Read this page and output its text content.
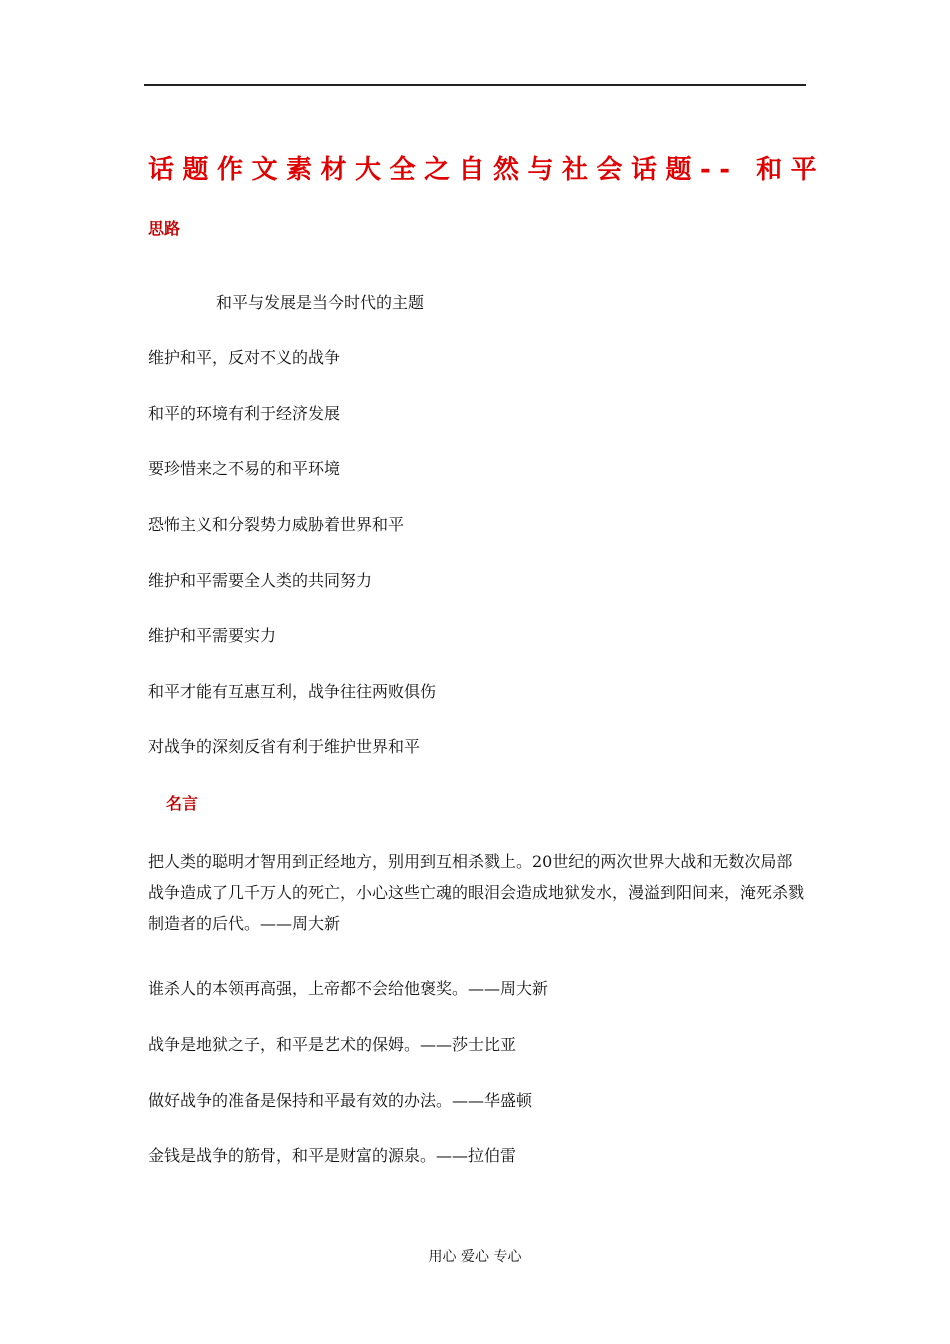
话题作文素材大全之自然与社会话题-- 和平
思路

和平与发展是当今时代的主题

维护和平，反对不义的战争

和平的环境有利于经济发展

要珍惜来之不易的和平环境

恐怖主义和分裂势力威胁着世界和平

维护和平需要全人类的共同努力

维护和平需要实力

和平才能有互惠互利，战争往往两败俱伤

对战争的深刻反省有利于维护世界和平

名言

把人类的聪明才智用到正经地方，别用到互相杀戮上。20世纪的两次世界大战和无数次局部战争造成了几千万人的死亡，小心这些亡魂的眼泪会造成地狱发水，漫溢到阳间来，淹死杀戮制造者的后代。——周大新

谁杀人的本领再高强，上帝都不会给他褒奖。——周大新

战争是地狱之子，和平是艺术的保姆。——莎士比亚

做好战争的准备是保持和平最有效的办法。——华盛顿

金钱是战争的筋骨，和平是财富的源泉。——拉伯雷

用心 爱心 专心
